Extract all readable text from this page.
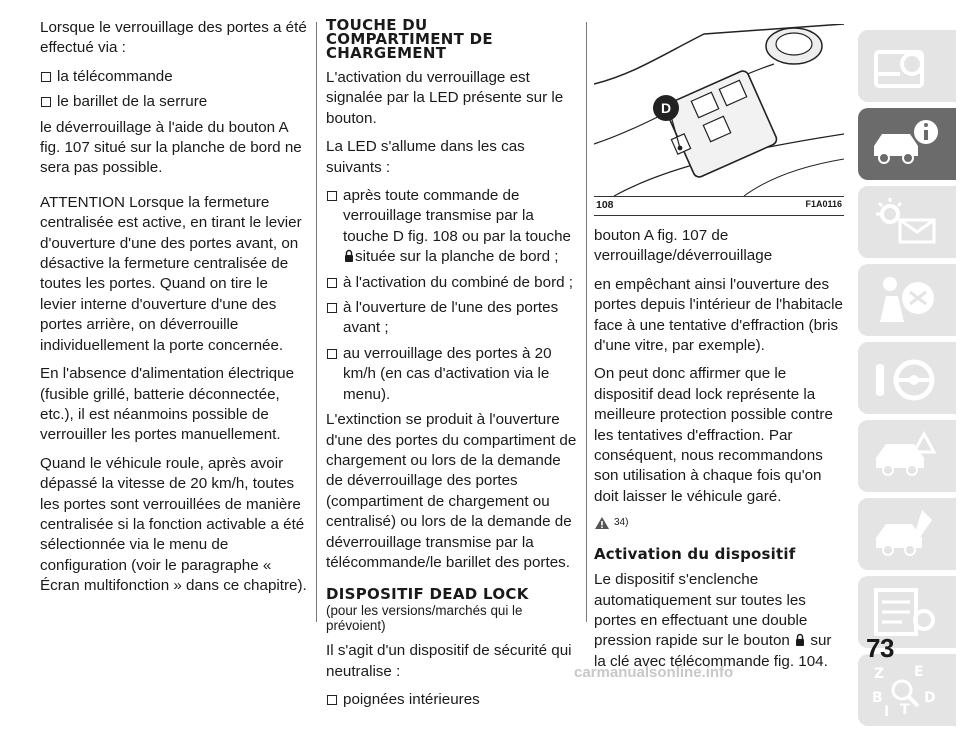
Lorsque le verrouillage des portes a été effectué via :

la télécommande
le barillet de la serrure

le déverrouillage à l'aide du bouton A fig. 107 situé sur la planche de bord ne sera pas possible.

ATTENTION Lorsque la fermeture centralisée est active, en tirant le levier d'ouverture d'une des portes avant, on désactive la fermeture centralisée de toutes les portes. Quand on tire le levier interne d'ouverture d'une des portes arrière, on déverrouille individuellement la porte concernée.

En l'absence d'alimentation électrique (fusible grillé, batterie déconnectée, etc.), il est néanmoins possible de verrouiller les portes manuellement.

Quand le véhicule roule, après avoir dépassé la vitesse de 20 km/h, toutes les portes sont verrouillées de manière centralisée si la fonction activable a été sélectionnée via le menu de configuration (voir le paragraphe « Écran multifonction » dans ce chapitre).

TOUCHE DU COMPARTIMENT DE CHARGEMENT

L'activation du verrouillage est signalée par la LED présente sur le bouton.

La LED s'allume dans les cas suivants :

après toute commande de verrouillage transmise par la touche D fig. 108 ou par la touche située sur la planche de bord ;
à l'activation du combiné de bord ;
à l'ouverture de l'une des portes avant ;
au verrouillage des portes à 20 km/h (en cas d'activation via le menu).

L'extinction se produit à l'ouverture d'une des portes du compartiment de chargement ou lors de la demande de déverrouillage des portes (compartiment de chargement ou centralisé) ou lors de la demande de déverrouillage transmise par la télécommande/le barillet des portes.

DISPOSITIF DEAD LOCK
(pour les versions/marchés qui le prévoient)

Il s'agit d'un dispositif de sécurité qui neutralise :

poignées intérieures
D
108	F1A0116

bouton A fig. 107 de verrouillage/déverrouillage

en empêchant ainsi l'ouverture des portes depuis l'intérieur de l'habitacle face à une tentative d'effraction (bris d'une vitre, par exemple).

On peut donc affirmer que le dispositif dead lock représente la meilleure protection possible contre les tentatives d'effraction. Par conséquent, nous recommandons son utilisation à chaque fois qu'on doit laisser le véhicule garé.

34)
Activation du dispositif

Le dispositif s'enclenche automatiquement sur toutes les portes en effectuant une double pression rapide sur le bouton sur la clé avec télécommande fig. 104.

Z E
B	D
I T
73
carmanualsonline.info
